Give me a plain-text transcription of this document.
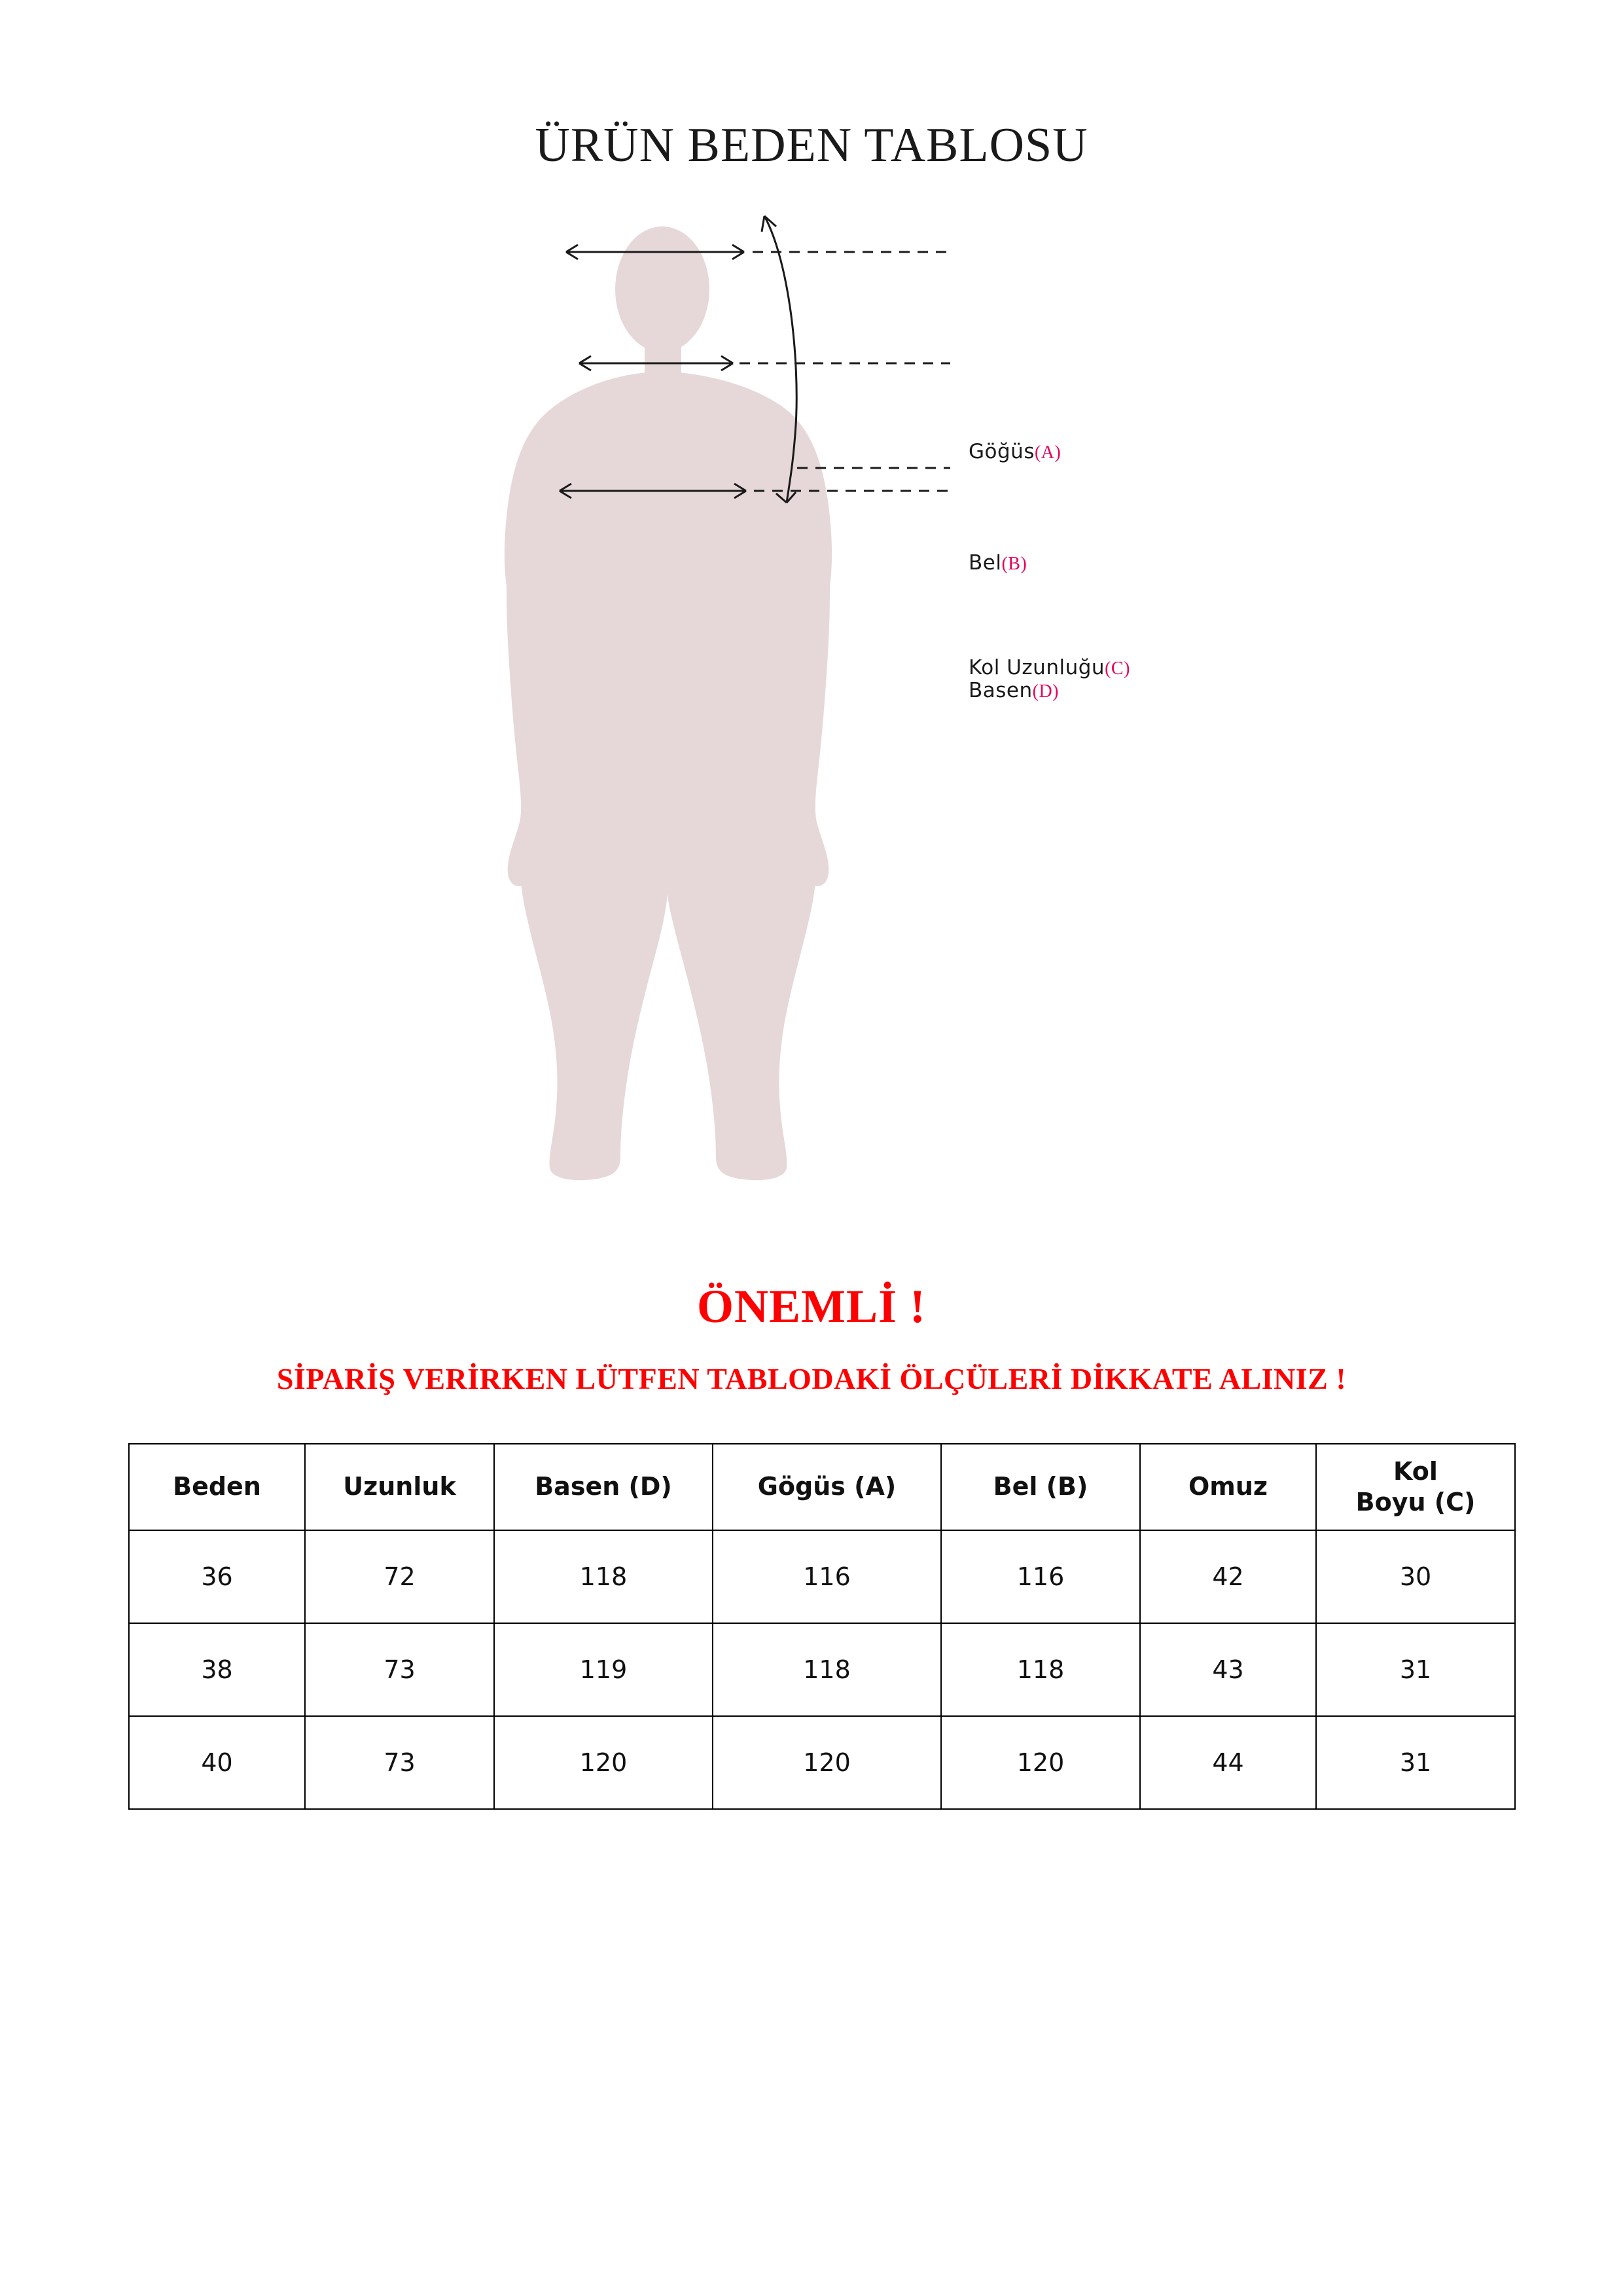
ÜRÜN BEDEN TABLOSU
Göğüs(A)
Bel(B)
Kol Uzunluğu(C)
Basen(D)
ÖNEMLİ !
SİPARİŞ VERİRKEN LÜTFEN TABLODAKİ ÖLÇÜLERİ DİKKATE ALINIZ !
Beden	Uzunluk	Basen (D)	Gögüs (A)	Bel (B)	Omuz	Kol
Boyu (C)
36	72	118	116	116	42	30
38	73	119	118	118	43	31
40	73	120	120	120	44	31
